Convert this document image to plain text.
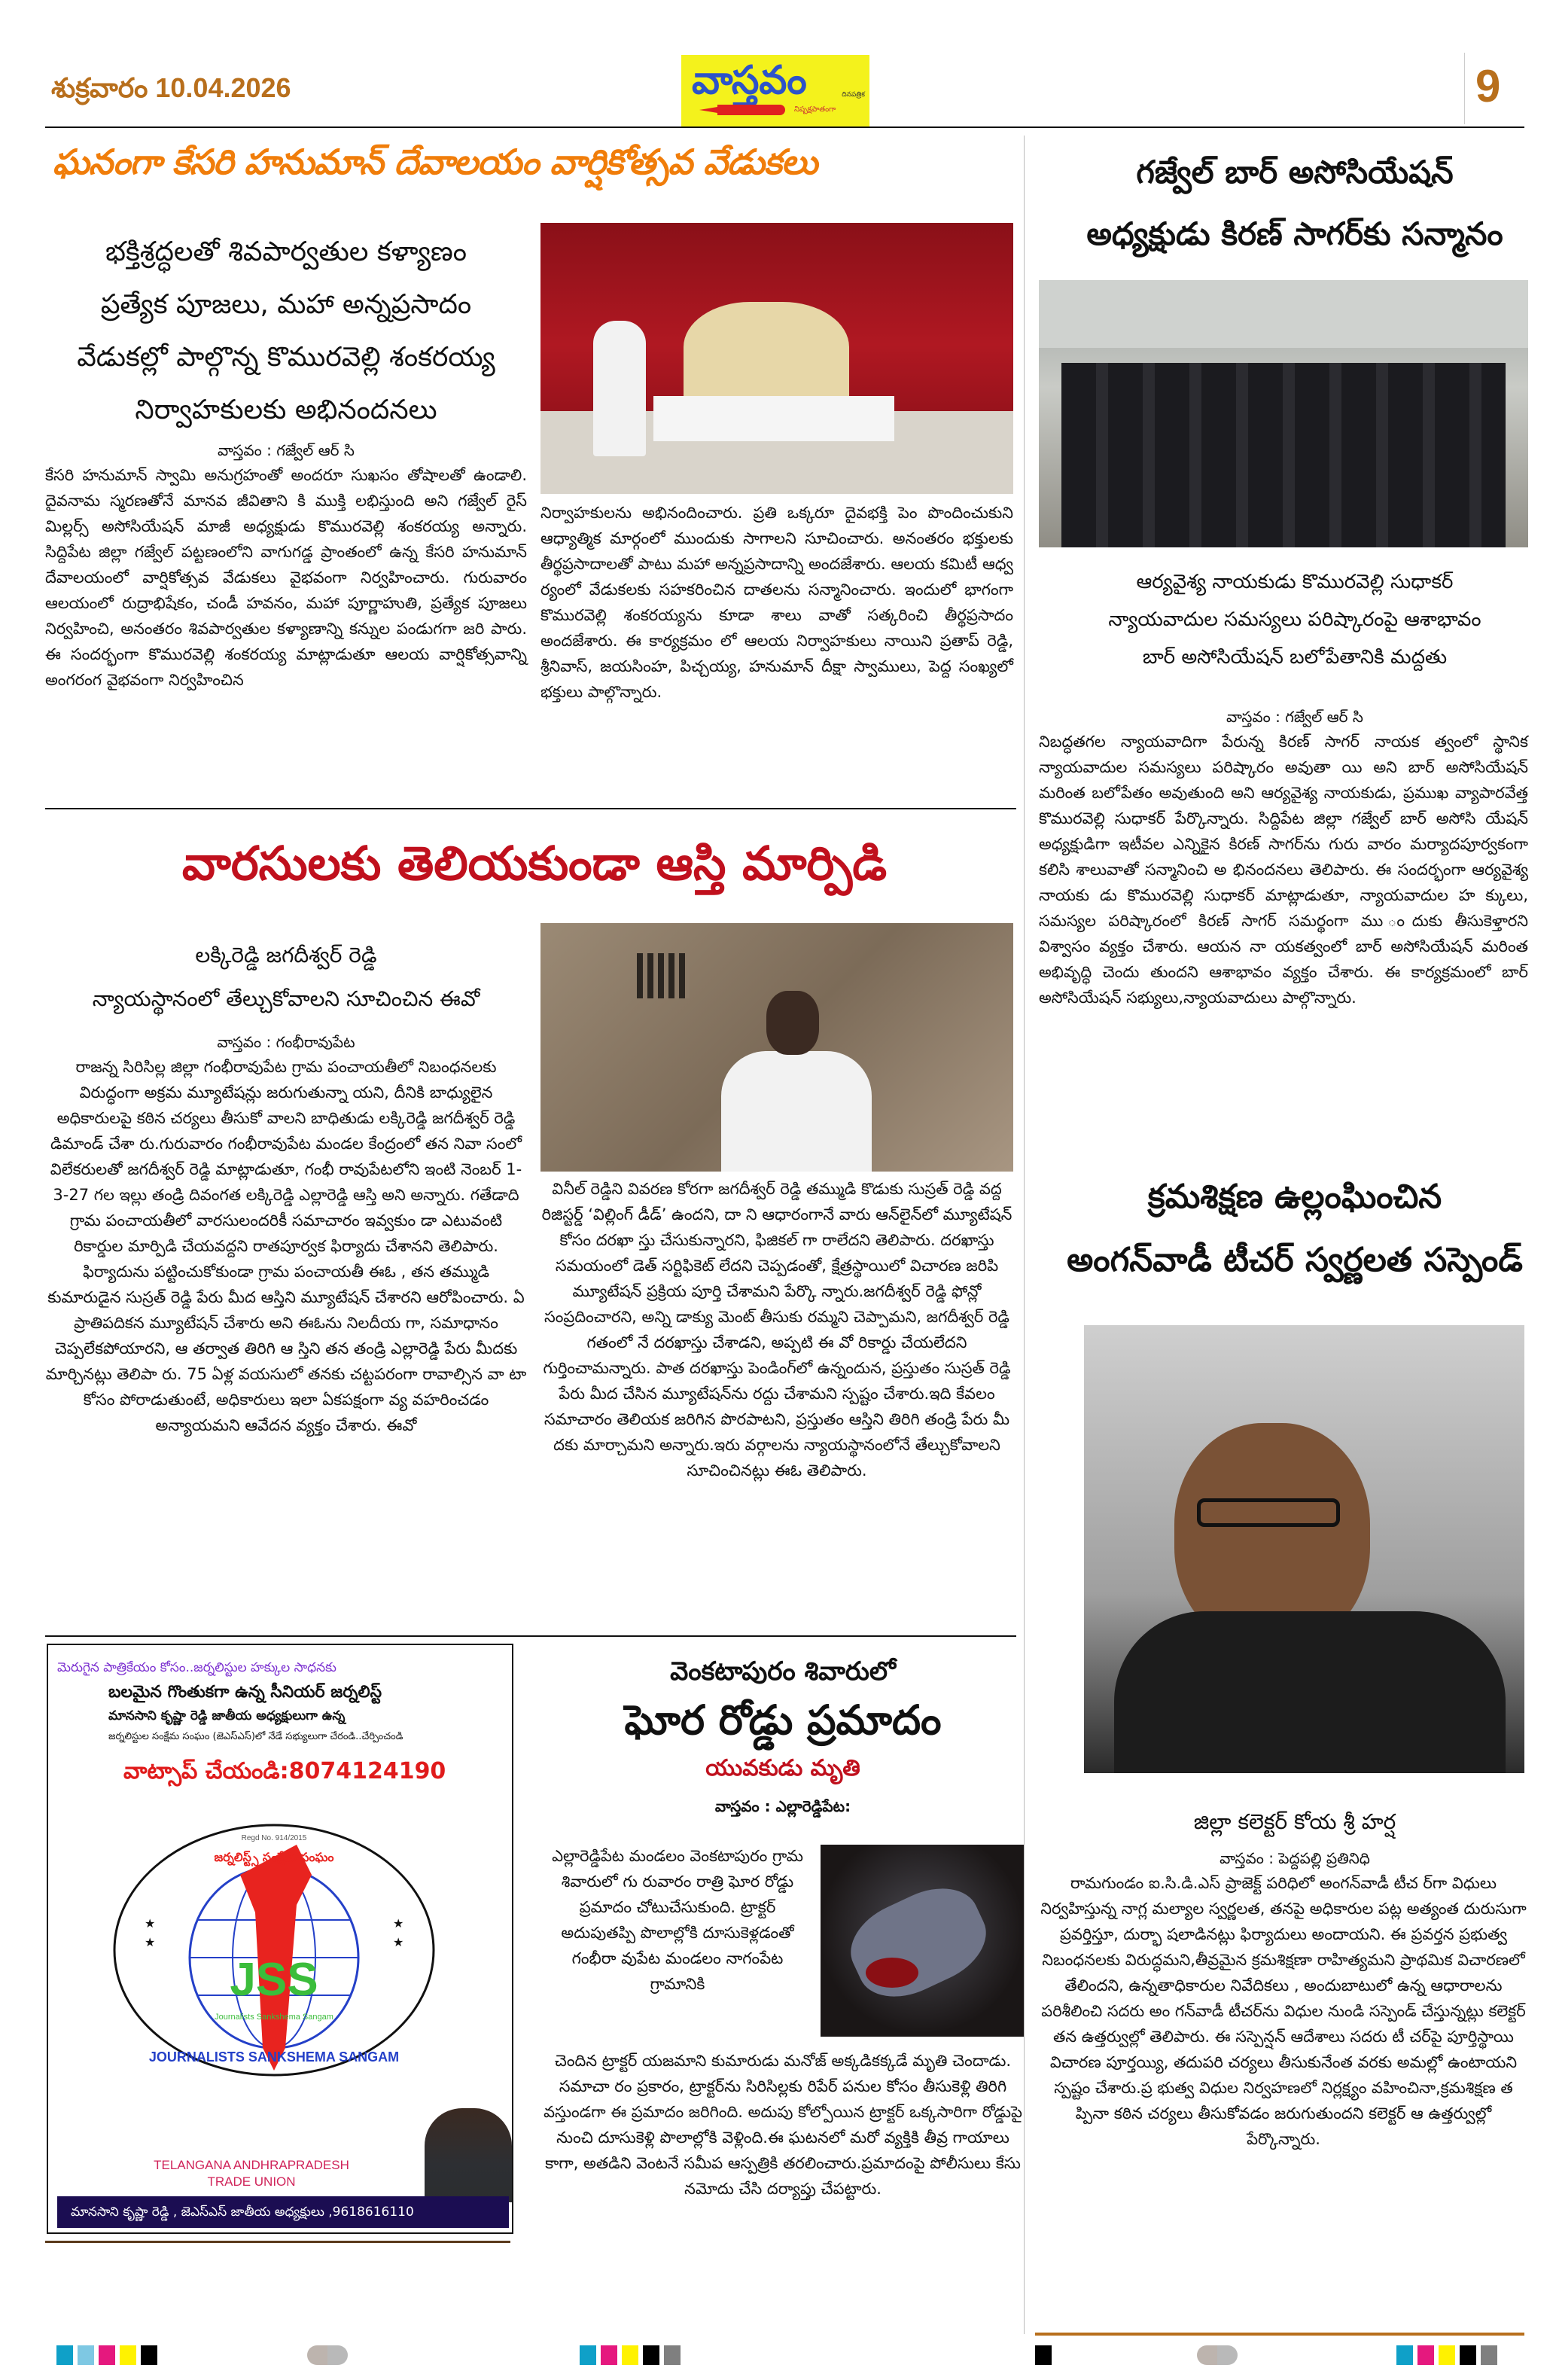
శుక్రవారం 10.04.2026	వాస్తవం	దినపత్రిక
నిష్పక్షపాతంగా	9
ఘనంగా కేసరి హనుమాన్ దేవాలయం వార్షికోత్సవ వేడుకలు
భక్తిశ్రద్ధలతో శివపార్వతుల కళ్యాణం
ప్రత్యేక పూజలు, మహా అన్నప్రసాదం
వేడుకల్లో పాల్గొన్న కొమురవెల్లి శంకరయ్య
నిర్వాహకులకు అభినందనలు
వాస్తవం : గజ్వేల్ ఆర్ సి
కేసరి హనుమాన్ స్వామి అనుగ్రహంతో అందరూ సుఖసం తోషాలతో ఉండాలి. దైవనామ స్మరణతోనే మానవ జీవితాని కి ముక్తి లభిస్తుంది అని గజ్వేల్ రైస్ మిల్లర్స్ అసోసియేషన్ మాజీ అధ్యక్షుడు కొమురవెల్లి శంకరయ్య అన్నారు. సిద్దిపేట జిల్లా గజ్వేల్ పట్టణంలోని వాగుగడ్డ ప్రాంతంలో ఉన్న కేసరి హనుమాన్ దేవాలయంలో వార్షికోత్సవ వేడుకలు వైభవంగా నిర్వహించారు. గురువారం ఆలయంలో రుద్రాభిషేకం, చండీ హవనం, మహా పూర్ణాహుతి, ప్రత్యేక పూజలు నిర్వహించి, అనంతరం శివపార్వతుల కళ్యాణాన్ని కన్నుల పండుగగా జరి పారు. ఈ సందర్భంగా కొమురవెల్లి శంకరయ్య మాట్లాడుతూ ఆలయ వార్షికోత్సవాన్ని అంగరంగ వైభవంగా నిర్వహించిన
నిర్వాహకులను అభినందించారు. ప్రతి ఒక్కరూ దైవభక్తి పెం పొందించుకుని ఆధ్యాత్మిక మార్గంలో ముందుకు సాగాలని సూచించారు. అనంతరం భక్తులకు తీర్థప్రసాదాలతో పాటు మహా అన్నప్రసాదాన్ని అందజేశారు. ఆలయ కమిటీ ఆధ్వ ర్యంలో వేడుకలకు సహకరించిన దాతలను సన్మానించారు. ఇందులో భాగంగా కొమురవెల్లి శంకరయ్యను కూడా శాలు వాతో సత్కరించి తీర్థప్రసాదం అందజేశారు. ఈ కార్యక్రమం లో ఆలయ నిర్వాహకులు నాయిని ప్రతాప్ రెడ్డి, శ్రీనివాస్, జయసింహ, పిచ్చయ్య, హనుమాన్ దీక్షా స్వాములు, పెద్ద సంఖ్యలో భక్తులు పాల్గొన్నారు.
గజ్వేల్ బార్ అసోసియేషన్
అధ్యక్షుడు కిరణ్ సాగర్‌కు సన్మానం
ఆర్యవైశ్య నాయకుడు కొమురవెల్లి సుధాకర్
న్యాయవాదుల సమస్యలు పరిష్కారంపై ఆశాభావం
బార్ అసోసియేషన్ బలోపేతానికి మద్దతు
వాస్తవం : గజ్వేల్ ఆర్ సి
నిబద్ధతగల న్యాయవాదిగా పేరున్న కిరణ్ సాగర్ నాయక త్వంలో స్థానిక న్యాయవాదుల సమస్యలు పరిష్కారం అవుతా యి అని బార్ అసోసియేషన్ మరింత బలోపేతం అవుతుంది అని ఆర్యవైశ్య నాయకుడు, ప్రముఖ వ్యాపారవేత్త కొమురవెల్లి సుధాకర్ పేర్కొన్నారు. సిద్దిపేట జిల్లా గజ్వేల్ బార్ అసోసి యేషన్ అధ్యక్షుడిగా ఇటీవల ఎన్నికైన కిరణ్ సాగర్‌ను గురు వారం మర్యాదపూర్వకంగా కలిసి శాలువాతో సన్మానించి అ భినందనలు తెలిపారు. ఈ సందర్భంగా ఆర్యవైశ్య నాయకు డు కొమురవెల్లి సుధాకర్ మాట్లాడుతూ, న్యాయవాదుల హ క్కులు, సమస్యల పరిష్కారంలో కిరణ్ సాగర్ సమర్థంగా ము ందుకు తీసుకెళ్తారని విశ్వాసం వ్యక్తం చేశారు. ఆయన నా యకత్వంలో బార్ అసోసియేషన్ మరింత అభివృద్ధి చెందు తుందని ఆశాభావం వ్యక్తం చేశారు. ఈ కార్యక్రమంలో బార్ అసోసియేషన్ సభ్యులు,న్యాయవాదులు పాల్గొన్నారు.
వారసులకు తెలియకుండా ఆస్తి మార్పిడి
లక్కిరెడ్డి జగదీశ్వర్ రెడ్డి
న్యాయస్థానంలో తేల్చుకోవాలని సూచించిన ఈవో
వాస్తవం : గంభీరావుపేట
రాజన్న సిరిసిల్ల జిల్లా గంభీరావుపేట గ్రామ పంచాయతీలో నిబంధనలకు విరుద్ధంగా అక్రమ మ్యూటేషన్లు జరుగుతున్నా యని, దీనికి బాధ్యులైన అధికారులపై కఠిన చర్యలు తీసుకో వాలని బాధితుడు లక్కిరెడ్డి జగదీశ్వర్ రెడ్డి డిమాండ్ చేశా రు.గురువారం గంభీరావుపేట మండల కేంద్రంలో తన నివా సంలో విలేకరులతో జగదీశ్వర్ రెడ్డి మాట్లాడుతూ, గంభీ రావుపేటలోని ఇంటి నెంబర్ 1-3-27 గల ఇల్లు తండ్రి దివంగత లక్కిరెడ్డి ఎల్లారెడ్డి ఆస్తి అని అన్నారు. గతేడాది గ్రామ పంచాయతీలో వారసులందరికీ సమాచారం ఇవ్వకుం డా ఎటువంటి రికార్డుల మార్పిడి చేయవద్దని రాతపూర్వక ఫిర్యాదు చేశానని తెలిపారు. ఫిర్యాదును పట్టించుకోకుండా గ్రామ పంచాయతీ ఈఓ , తన తమ్ముడి కుమారుడైన సుస్రత్ రెడ్డి పేరు మీద ఆస్తిని మ్యూటేషన్ చేశారని ఆరోపించారు. ఏ ప్రాతిపదికన మ్యూటేషన్ చేశారు అని ఈఓను నిలదీయ గా, సమాధానం చెప్పలేకపోయారని, ఆ తర్వాత తిరిగి ఆ స్తిని తన తండ్రి ఎల్లారెడ్డి పేరు మీదకు మార్చినట్లు తెలిపా రు. 75 ఏళ్ల వయసులో తనకు చట్టపరంగా రావాల్సిన వా టా కోసం పోరాడుతుంటే, అధికారులు ఇలా ఏకపక్షంగా వ్య వహరించడం అన్యాయమని ఆవేదన వ్యక్తం చేశారు. ఈవో
వినీల్ రెడ్డిని వివరణ కోరగా జగదీశ్వర్ రెడ్డి తమ్ముడి కొడుకు సుస్రత్ రెడ్డి వద్ద రిజిస్టర్డ్ ‘విల్లింగ్ డీడ్’ ఉందని, దా ని ఆధారంగానే వారు ఆన్‌లైన్‌లో మ్యూటేషన్ కోసం దరఖా స్తు చేసుకున్నారని, ఫిజికల్ గా రాలేదని తెలిపారు. దరఖాస్తు సమయంలో డెత్ సర్టిఫికెట్ లేదని చెప్పడంతో, క్షేత్రస్థాయిలో విచారణ జరిపి మ్యూటేషన్ ప్రక్రియ పూర్తి చేశామని పేర్కొ న్నారు.జగదీశ్వర్ రెడ్డి ఫోన్లో సంప్రదించారని, అన్ని డాక్యు మెంట్ తీసుకు రమ్మని చెప్పామని, జగదీశ్వర్ రెడ్డి గతంలో నే దరఖాస్తు చేశాడని, అప్పటి ఈ వో రికార్డు చేయలేదని గుర్తించామన్నారు. పాత దరఖాస్తు పెండింగ్‌లో ఉన్నందున, ప్రస్తుతం సుస్రత్ రెడ్డి పేరు మీద చేసిన మ్యూటేషన్‌ను రద్దు చేశామని స్పష్టం చేశారు.ఇది కేవలం సమాచారం తెలియక జరిగిన పొరపాటని, ప్రస్తుతం ఆస్తిని తిరిగి తండ్రి పేరు మీ దకు మార్చామని అన్నారు.ఇరు వర్గాలను న్యాయస్థానంలోనే తేల్చుకోవాలని సూచించినట్లు ఈఓ తెలిపారు.
క్రమశిక్షణ ఉల్లంఘించిన
అంగన్‌వాడీ టీచర్ స్వర్ణలత సస్పెండ్
జిల్లా కలెక్టర్ కోయ శ్రీ హర్ష
వాస్తవం : పెద్దపల్లి ప్రతినిధి
రామగుండం ఐ.సి.డి.ఎస్ ప్రాజెక్ట్ పరిధిలో అంగన్‌వాడీ టీచ ర్‌గా విధులు నిర్వహిస్తున్న నాగ్ల మల్యాల స్వర్ణలత, తనపై అధికారుల పట్ల అత్యంత దురుసుగా ప్రవర్తిస్తూ, దుర్భా షలాడినట్లు ఫిర్యాదులు అందాయని. ఈ ప్రవర్తన ప్రభుత్వ నిబంధనలకు విరుద్ధమని,తీవ్రమైన క్రమశిక్షణా రాహిత్యమని ప్రాథమిక విచారణలో తేలిందని, ఉన్నతాధికారుల నివేదికలు , అందుబాటులో ఉన్న ఆధారాలను పరిశీలించి సదరు అం గన్‌వాడీ టీచర్‌ను విధుల నుండి సస్పెండ్ చేస్తున్నట్లు కలెక్టర్ తన ఉత్తర్వుల్లో తెలిపారు. ఈ సస్పెన్షన్ ఆదేశాలు సదరు టీ చర్‌పై పూర్తిస్థాయి విచారణ పూర్తయ్యి, తదుపరి చర్యలు తీసుకునేంత వరకు అమల్లో ఉంటాయని స్పష్టం చేశారు.ప్ర భుత్వ విధుల నిర్వహణలో నిర్లక్ష్యం వహించినా,క్రమశిక్షణ త ప్పినా కఠిన చర్యలు తీసుకోవడం జరుగుతుందని కలెక్టర్ ఆ ఉత్తర్వుల్లో పేర్కొన్నారు.
వెంకటాపురం శివారులో
ఘోర రోడ్డు ప్రమాదం
యువకుడు మృతి
వాస్తవం : ఎల్లారెడ్డిపేట:
ఎల్లారెడ్డిపేట మండలం వెంకటాపురం గ్రామ శివారులో గు రువారం రాత్రి ఘోర రోడ్డు ప్రమాదం చోటుచేసుకుంది. ట్రాక్టర్ అదుపుతప్పి పొలాల్లోకి దూసుకెళ్లడంతో గంభీరా వుపేట మండలం నాగంపేట గ్రామానికి
చెందిన ట్రాక్టర్ యజమాని కుమారుడు మనోజ్ అక్కడికక్కడే మృతి చెందాడు. సమాచా రం ప్రకారం, ట్రాక్టర్‌ను సిరిసిల్లకు రిపేర్ పనుల కోసం తీసుకెళ్లి తిరిగి వస్తుండగా ఈ ప్రమాదం జరిగింది. అదుపు కోల్పోయిన ట్రాక్టర్ ఒక్కసారిగా రోడ్డుపై నుంచి దూసుకెళ్లి పొలాల్లోకి వెళ్లింది.ఈ ఘటనలో మరో వ్యక్తికి తీవ్ర గాయాలు కాగా, అతడిని వెంటనే సమీప ఆస్పత్రికి తరలించారు.ప్రమాదంపై పోలీసులు కేసు నమోదు చేసి దర్యాప్తు చేపట్టారు.
మెరుగైన పాత్రికేయం కోసం..జర్నలిస్టుల హక్కుల సాధనకు
బలమైన గొంతుకగా ఉన్న సీనియర్ జర్నలిస్ట్
మానసాని కృష్ణా రెడ్డి జాతీయ అధ్యక్షులుగా ఉన్న
జర్నలిస్టుల సంక్షేమ సంఘం (జెఎస్ఎస్)లో నేడే సభ్యులుగా చేరండి..చేర్పించండి
వాట్సాప్ చేయండి:8074124190
JSS
Regd No. 914/2015
Journalists Sankshema Sangam
JOURNALISTS SANKSHEMA SANGAM
జర్నలిస్ట్స్ సంక్షేమ సంఘం
★
★
★
★
TELANGANA ANDHRAPRADESH
TRADE UNION
మానసాని కృష్ణా రెడ్డి , జెఎస్ఎస్ జాతీయ అధ్యక్షులు ,9618616110
